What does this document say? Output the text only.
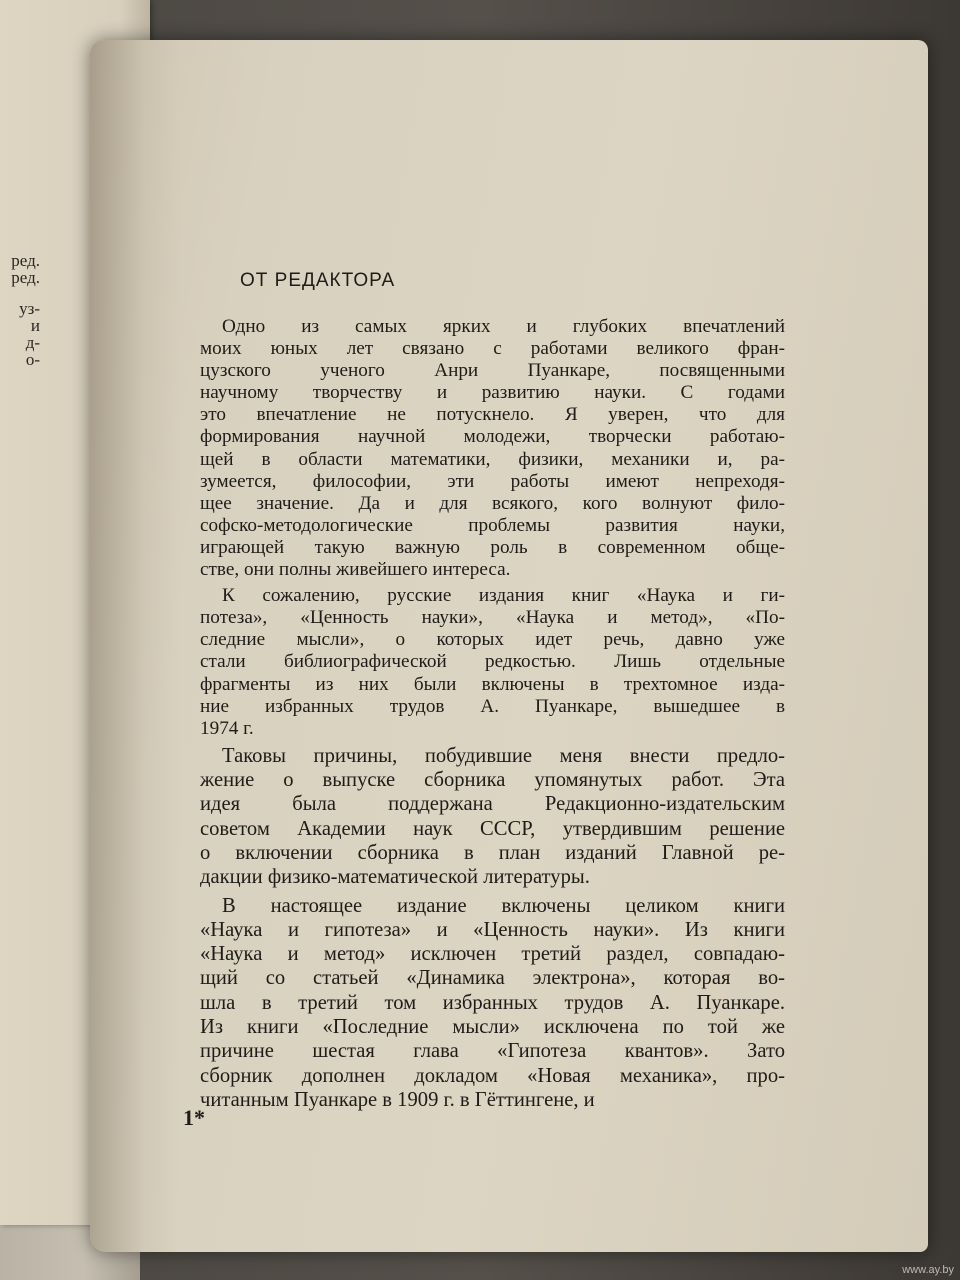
ред.
ред.
уз-
и
д-
о-
ОТ РЕДАКТОРА
Одно из самых ярких и глубоких впечатлений
моих юных лет связано с работами великого фран-
цузского ученого Анри Пуанкаре, посвященными
научному творчеству и развитию науки. С годами
это впечатление не потускнело. Я уверен, что для
формирования научной молодежи, творчески работаю-
щей в области математики, физики, механики и, ра-
зумеется, философии, эти работы имеют непреходя-
щее значение. Да и для всякого, кого волнуют фило-
софско-методологические проблемы развития науки,
играющей такую важную роль в современном обще-
стве, они полны живейшего интереса.
К сожалению, русские издания книг «Наука и ги-
потеза», «Ценность науки», «Наука и метод», «По-
следние мысли», о которых идет речь, давно уже
стали библиографической редкостью. Лишь отдельные
фрагменты из них были включены в трехтомное изда-
ние избранных трудов А. Пуанкаре, вышедшее в
1974 г.
Таковы причины, побудившие меня внести предло-
жение о выпуске сборника упомянутых работ. Эта
идея была поддержана Редакционно-издательским
советом Академии наук СССР, утвердившим решение
о включении сборника в план изданий Главной ре-
дакции физико-математической литературы.
В настоящее издание включены целиком книги
«Наука и гипотеза» и «Ценность науки». Из книги
«Наука и метод» исключен третий раздел, совпадаю-
щий со статьей «Динамика электрона», которая во-
шла в третий том избранных трудов А. Пуанкаре.
Из книги «Последние мысли» исключена по той же
причине шестая глава «Гипотеза квантов». Зато
сборник дополнен докладом «Новая механика», про-
читанным Пуанкаре в 1909 г. в Гёттингене, и
1*
www.ay.by
